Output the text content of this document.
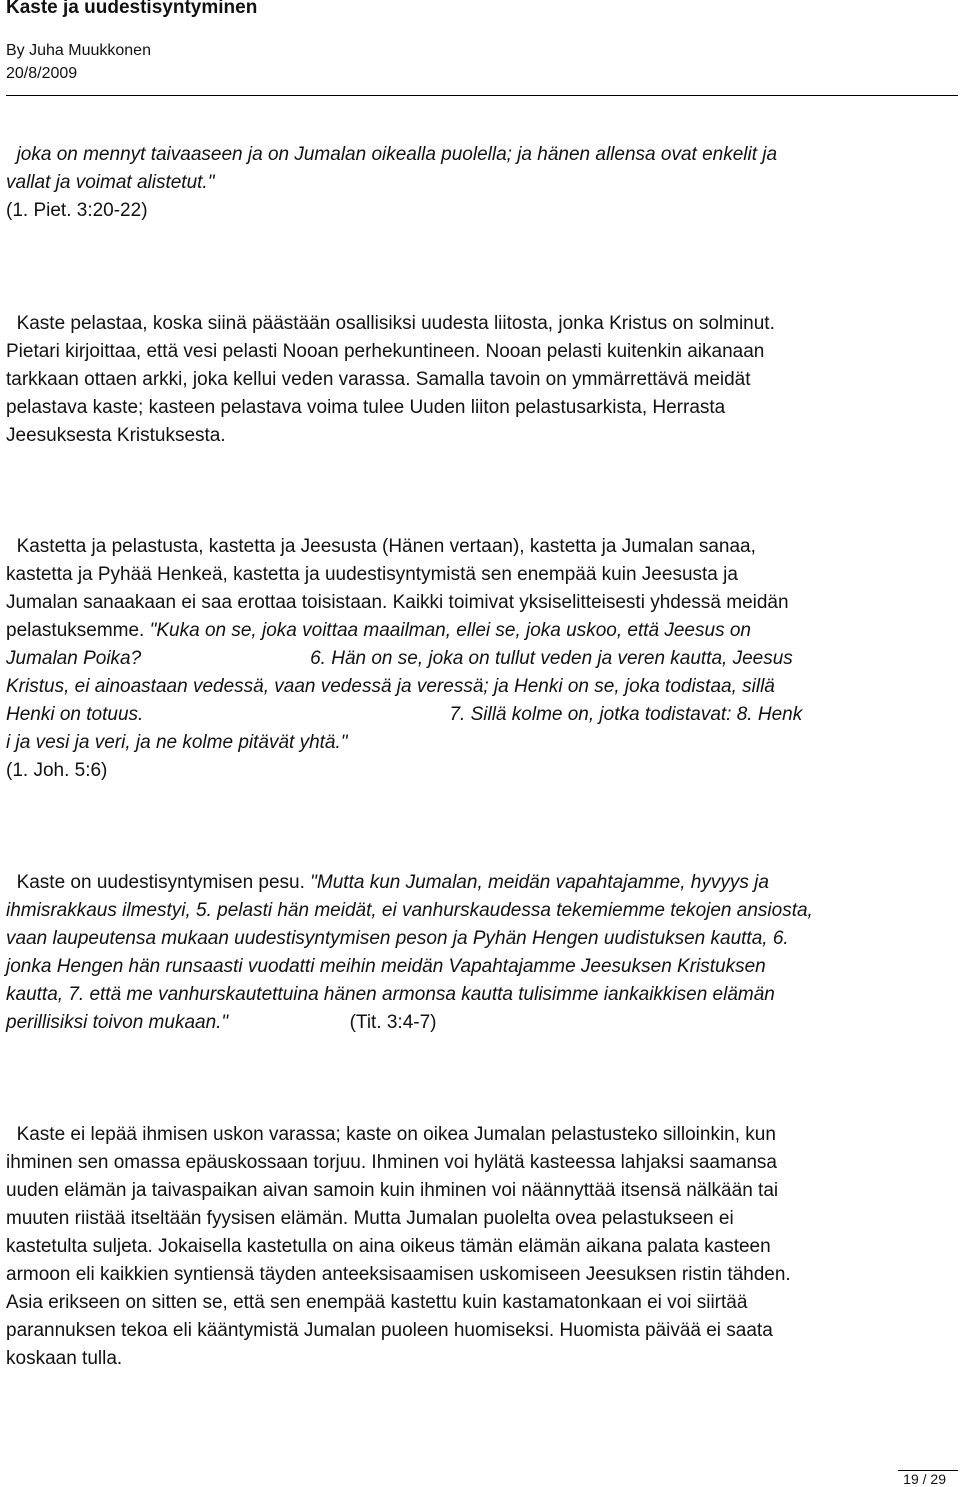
Kaste ja uudestisyntyminen
By Juha Muukkonen
20/8/2009

joka on mennyt taivaaseen ja on Jumalan oikealla puolella; ja hänen allensa ovat enkelit ja
vallat ja voimat alistetut."
(1. Piet. 3:20-22)

Kaste pelastaa, koska siinä päästään osallisiksi uudesta liitosta, jonka Kristus on solminut.
Pietari kirjoittaa, että vesi pelasti Nooan perhekuntineen. Nooan pelasti kuitenkin aikanaan
tarkkaan ottaen arkki, joka kellui veden varassa. Samalla tavoin on ymmärrettävä meidät
pelastava kaste; kasteen pelastava voima tulee Uuden liiton pelastusarkista, Herrasta
Jeesuksesta Kristuksesta.

Kastetta ja pelastusta, kastetta ja Jeesusta (Hänen vertaan), kastetta ja Jumalan sanaa,
kastetta ja Pyhää Henkeä, kastetta ja uudestisyntymistä sen enempää kuin Jeesusta ja
Jumalan sanaakaan ei saa erottaa toisistaan. Kaikki toimivat yksiselitteisesti yhdessä meidän
pelastuksemme. "Kuka on se, joka voittaa maailman, ellei se, joka uskoo, että Jeesus on
Jumalan Poika?                                6. Hän on se, joka on tullut veden ja veren kautta, Jeesus
Kristus, ei ainoastaan vedessä, vaan vedessä ja veressä; ja Henki on se, joka todistaa, sillä
Henki on totuus.                                                          7. Sillä kolme on, jotka todistavat: 8. Henk
i ja vesi ja veri, ja ne kolme pitävät yhtä."
(1. Joh. 5:6)

Kaste on uudestisyntymisen pesu. "Mutta kun Jumalan, meidän vapahtajamme, hyvyys ja
ihmisrakkaus ilmestyi, 5. pelasti hän meidät, ei vanhurskaudessa tekemiemme tekojen ansiosta,
vaan laupeutensa mukaan uudestisyntymisen peson ja Pyhän Hengen uudistuksen kautta, 6.
jonka Hengen hän runsaasti vuodatti meihin meidän Vapahtajamme Jeesuksen Kristuksen
kautta, 7. että me vanhurskautettuina hänen armonsa kautta tulisimme iankaikkisen elämän
perillisiksi toivon mukaan."                       (Tit. 3:4-7)

Kaste ei lepää ihmisen uskon varassa; kaste on oikea Jumalan pelastusteko silloinkin, kun
ihminen sen omassa epäuskossaan torjuu. Ihminen voi hylätä kasteessa lahjaksi saamansa
uuden elämän ja taivaspaikan aivan samoin kuin ihminen voi näännyttää itsensä nälkään tai
muuten riistää itseltään fyysisen elämän. Mutta Jumalan puolelta ovea pelastukseen ei
kastetulta suljeta. Jokaisella kastetulla on aina oikeus tämän elämän aikana palata kasteen
armoon eli kaikkien syntiensä täyden anteeksisaamisen uskomiseen Jeesuksen ristin tähden.
Asia erikseen on sitten se, että sen enempää kastettu kuin kastamatonkaan ei voi siirtää
parannuksen tekoa eli kääntymistä Jumalan puoleen huomiseksi. Huomista päivää ei saata
koskaan tulla.

19 / 29
